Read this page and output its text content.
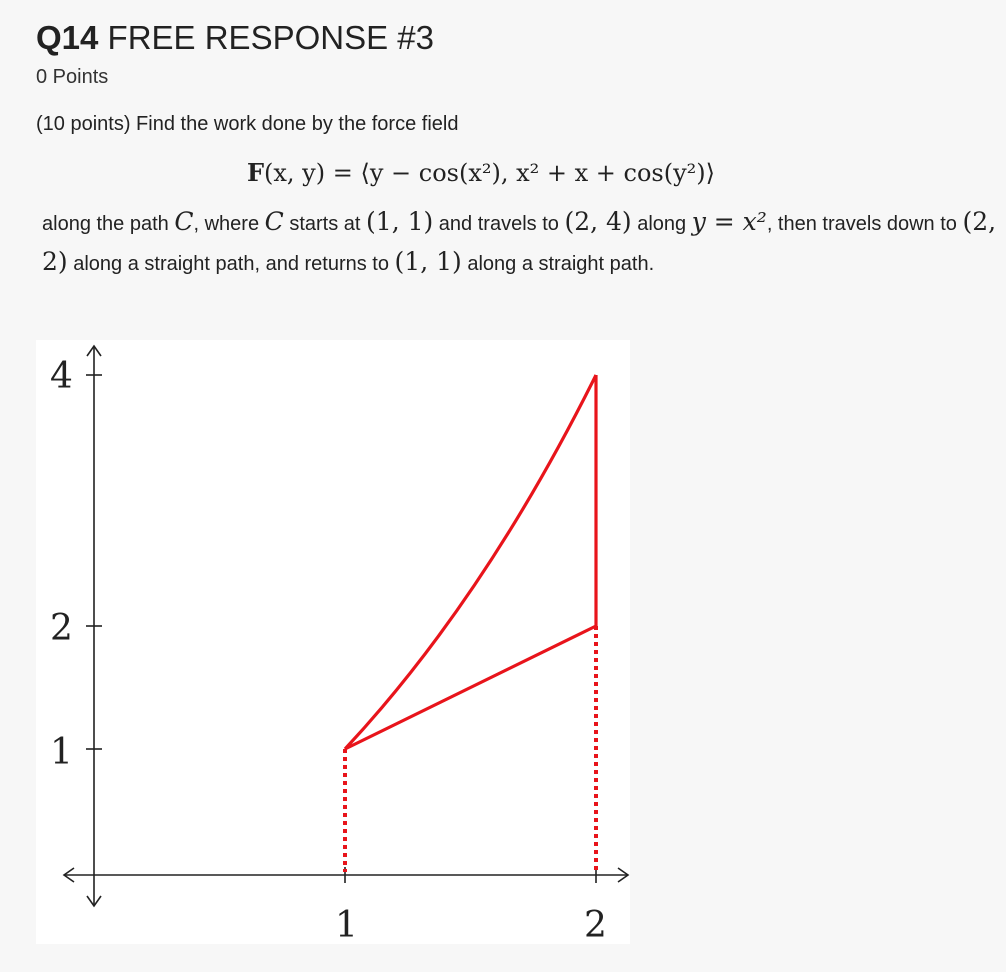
Q14 FREE RESPONSE #3
0 Points
(10 points) Find the work done by the force field
F(x, y) = ⟨y − cos(x²), x² + x + cos(y²)⟩
along the path C, where C starts at (1, 1) and travels to (2, 4) along y = x², then travels down to (2, 2) along a straight path, and returns to (1, 1) along a straight path.
4
2
1
1	2
